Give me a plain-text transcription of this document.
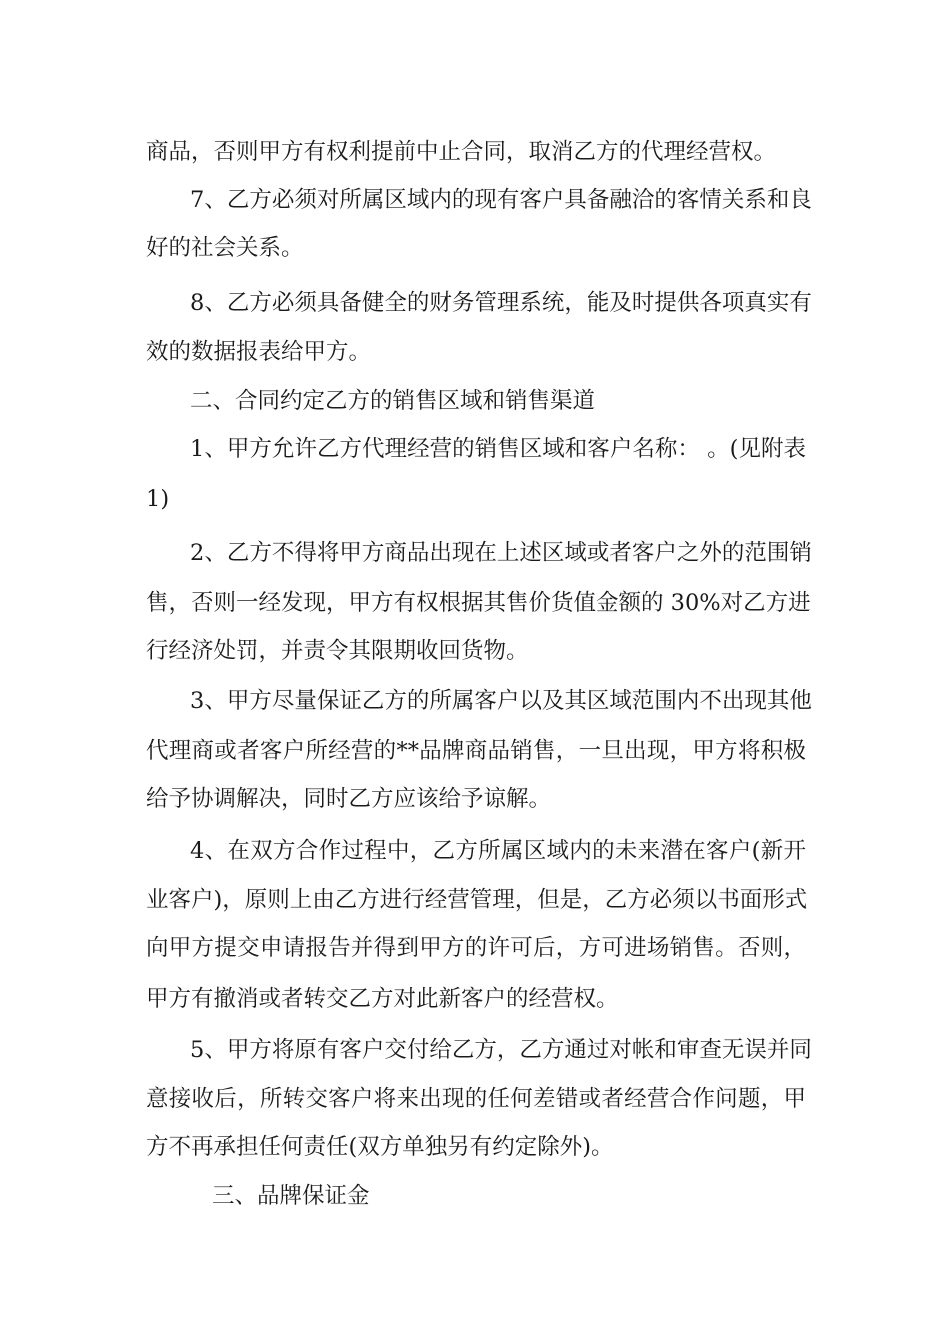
商品，否则甲方有权利提前中止合同，取消乙方的代理经营权。
7、乙方必须对所属区域内的现有客户具备融洽的客情关系和良
好的社会关系。
8、乙方必须具备健全的财务管理系统，能及时提供各项真实有
效的数据报表给甲方。
二、合同约定乙方的销售区域和销售渠道
1、甲方允许乙方代理经营的销售区域和客户名称： 。(见附表
1)
2、乙方不得将甲方商品出现在上述区域或者客户之外的范围销
售，否则一经发现，甲方有权根据其售价货值金额的 30%对乙方进
行经济处罚，并责令其限期收回货物。
3、甲方尽量保证乙方的所属客户以及其区域范围内不出现其他
代理商或者客户所经营的**品牌商品销售，一旦出现，甲方将积极
给予协调解决，同时乙方应该给予谅解。
4、在双方合作过程中，乙方所属区域内的未来潜在客户(新开
业客户)，原则上由乙方进行经营管理，但是，乙方必须以书面形式
向甲方提交申请报告并得到甲方的许可后，方可进场销售。否则，
甲方有撤消或者转交乙方对此新客户的经营权。
5、甲方将原有客户交付给乙方，乙方通过对帐和审查无误并同
意接收后，所转交客户将来出现的任何差错或者经营合作问题，甲
方不再承担任何责任(双方单独另有约定除外)。
三、品牌保证金
